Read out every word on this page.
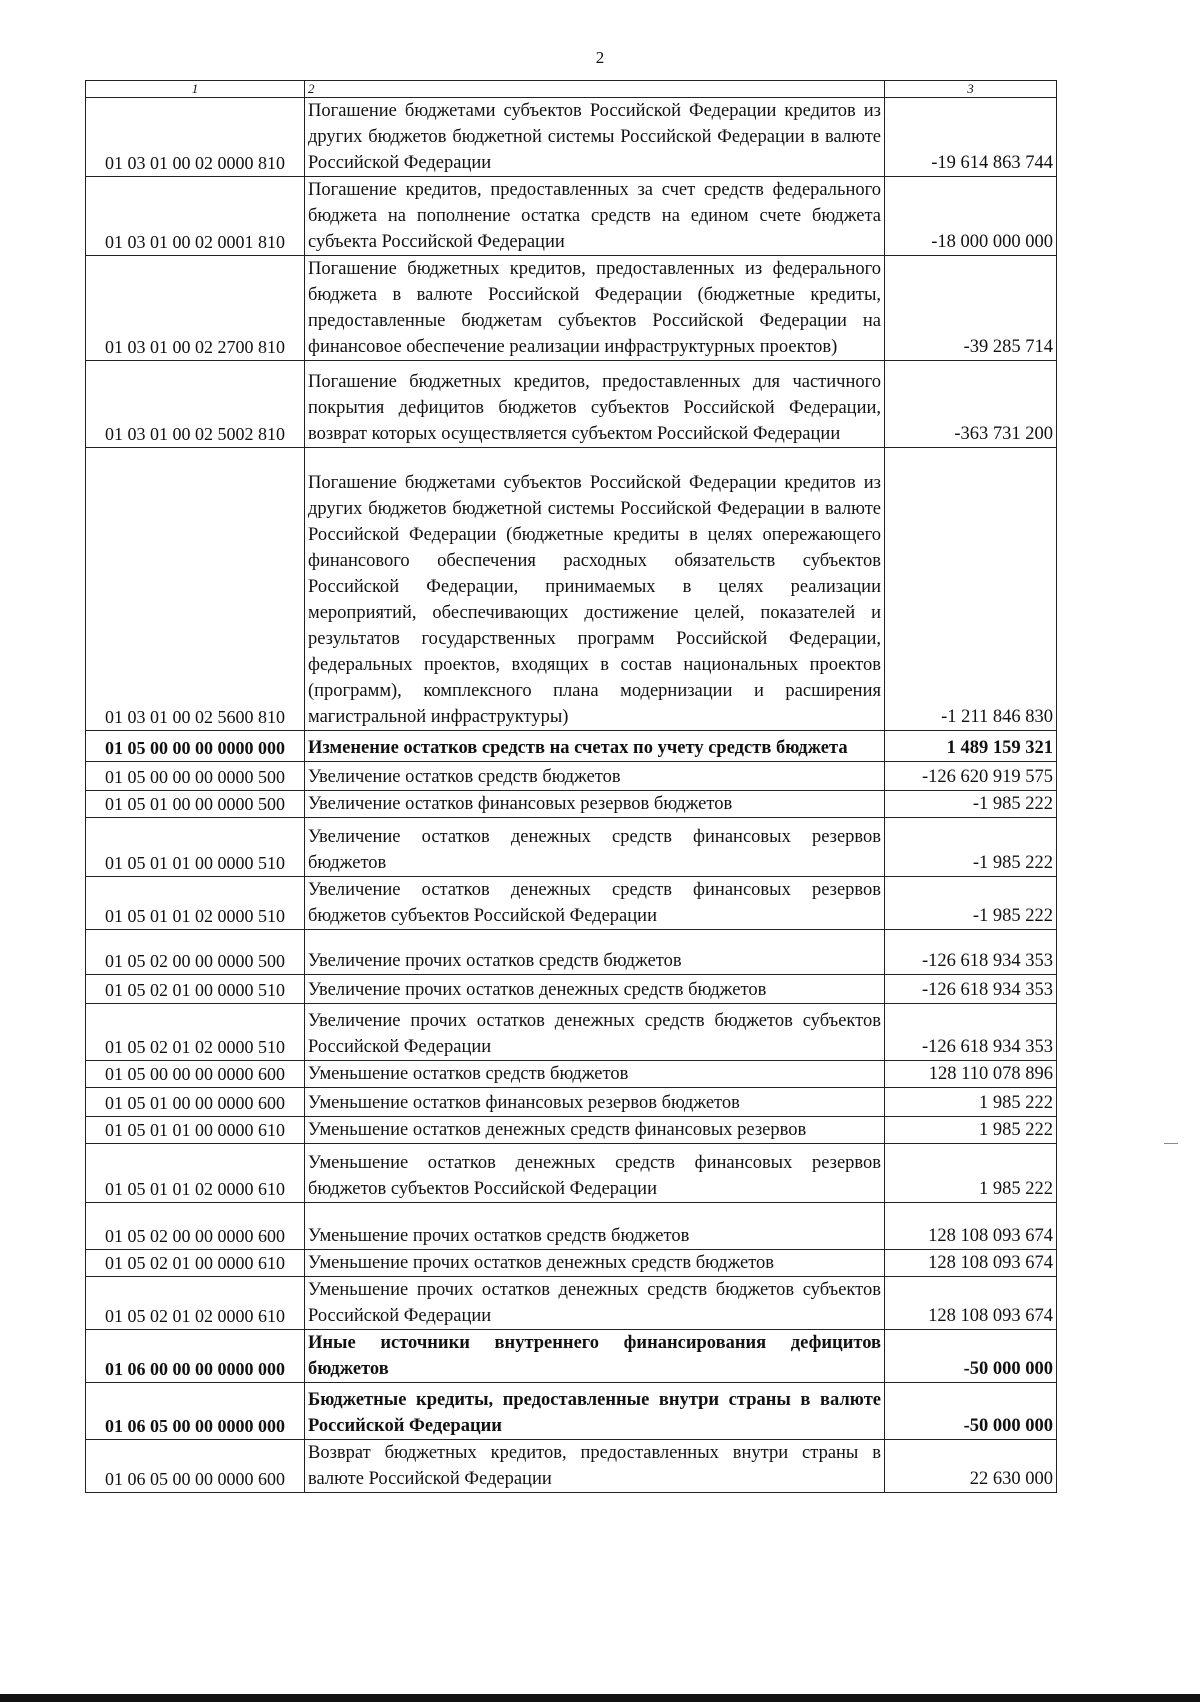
2
1	2	3
01 03 01 00 02 0000 810	Погашение бюджетами субъектов Российской Федерации кредитов из других бюджетов бюджетной системы Российской Федерации в валюте Российской Федерации	-19 614 863 744
01 03 01 00 02 0001 810	Погашение кредитов, предоставленных за счет средств федерального бюджета на пополнение остатка средств на едином счете бюджета субъекта Российской Федерации	-18 000 000 000
01 03 01 00 02 2700 810	Погашение бюджетных кредитов, предоставленных из федерального бюджета в валюте Российской Федерации (бюджетные кредиты, предоставленные бюджетам субъектов Российской Федерации на финансовое обеспечение реализации инфраструктурных проектов)	-39 285 714
01 03 01 00 02 5002 810	Погашение бюджетных кредитов, предоставленных для частичного покрытия дефицитов бюджетов субъектов Российской Федерации, возврат которых осуществляется субъектом Российской Федерации	-363 731 200
01 03 01 00 02 5600 810	Погашение бюджетами субъектов Российской Федерации кредитов из других бюджетов бюджетной системы Российской Федерации в валюте Российской Федерации (бюджетные кредиты в целях опережающего финансового обеспечения расходных обязательств субъектов Российской Федерации, принимаемых в целях реализации мероприятий, обеспечивающих достижение целей, показателей и результатов государственных программ Российской Федерации, федеральных проектов, входящих в состав национальных проектов (программ), комплексного плана модернизации и расширения магистральной инфраструктуры)	-1 211 846 830
01 05 00 00 00 0000 000	Изменение остатков средств на счетах по учету средств бюджета	1 489 159 321
01 05 00 00 00 0000 500	Увеличение остатков средств бюджетов	-126 620 919 575
01 05 01 00 00 0000 500	Увеличение остатков финансовых резервов бюджетов	-1 985 222
01 05 01 01 00 0000 510	Увеличение остатков денежных средств финансовых резервов бюджетов	-1 985 222
01 05 01 01 02 0000 510	Увеличение остатков денежных средств финансовых резервов бюджетов субъектов Российской Федерации	-1 985 222
01 05 02 00 00 0000 500	Увеличение прочих остатков средств бюджетов	-126 618 934 353
01 05 02 01 00 0000 510	Увеличение прочих остатков денежных средств бюджетов	-126 618 934 353
01 05 02 01 02 0000 510	Увеличение прочих остатков денежных средств бюджетов субъектов Российской Федерации	-126 618 934 353
01 05 00 00 00 0000 600	Уменьшение остатков средств бюджетов	128 110 078 896
01 05 01 00 00 0000 600	Уменьшение остатков финансовых резервов бюджетов	1 985 222
01 05 01 01 00 0000 610	Уменьшение остатков денежных средств финансовых резервов	1 985 222
01 05 01 01 02 0000 610	Уменьшение остатков денежных средств финансовых резервов бюджетов субъектов Российской Федерации	1 985 222
01 05 02 00 00 0000 600	Уменьшение прочих остатков средств бюджетов	128 108 093 674
01 05 02 01 00 0000 610	Уменьшение прочих остатков денежных средств бюджетов	128 108 093 674
01 05 02 01 02 0000 610	Уменьшение прочих остатков денежных средств бюджетов субъектов Российской Федерации	128 108 093 674
01 06 00 00 00 0000 000	Иные источники внутреннего финансирования дефицитов бюджетов	-50 000 000
01 06 05 00 00 0000 000	Бюджетные кредиты, предоставленные внутри страны в валюте Российской Федерации	-50 000 000
01 06 05 00 00 0000 600	Возврат бюджетных кредитов, предоставленных внутри страны в валюте Российской Федерации	22 630 000
